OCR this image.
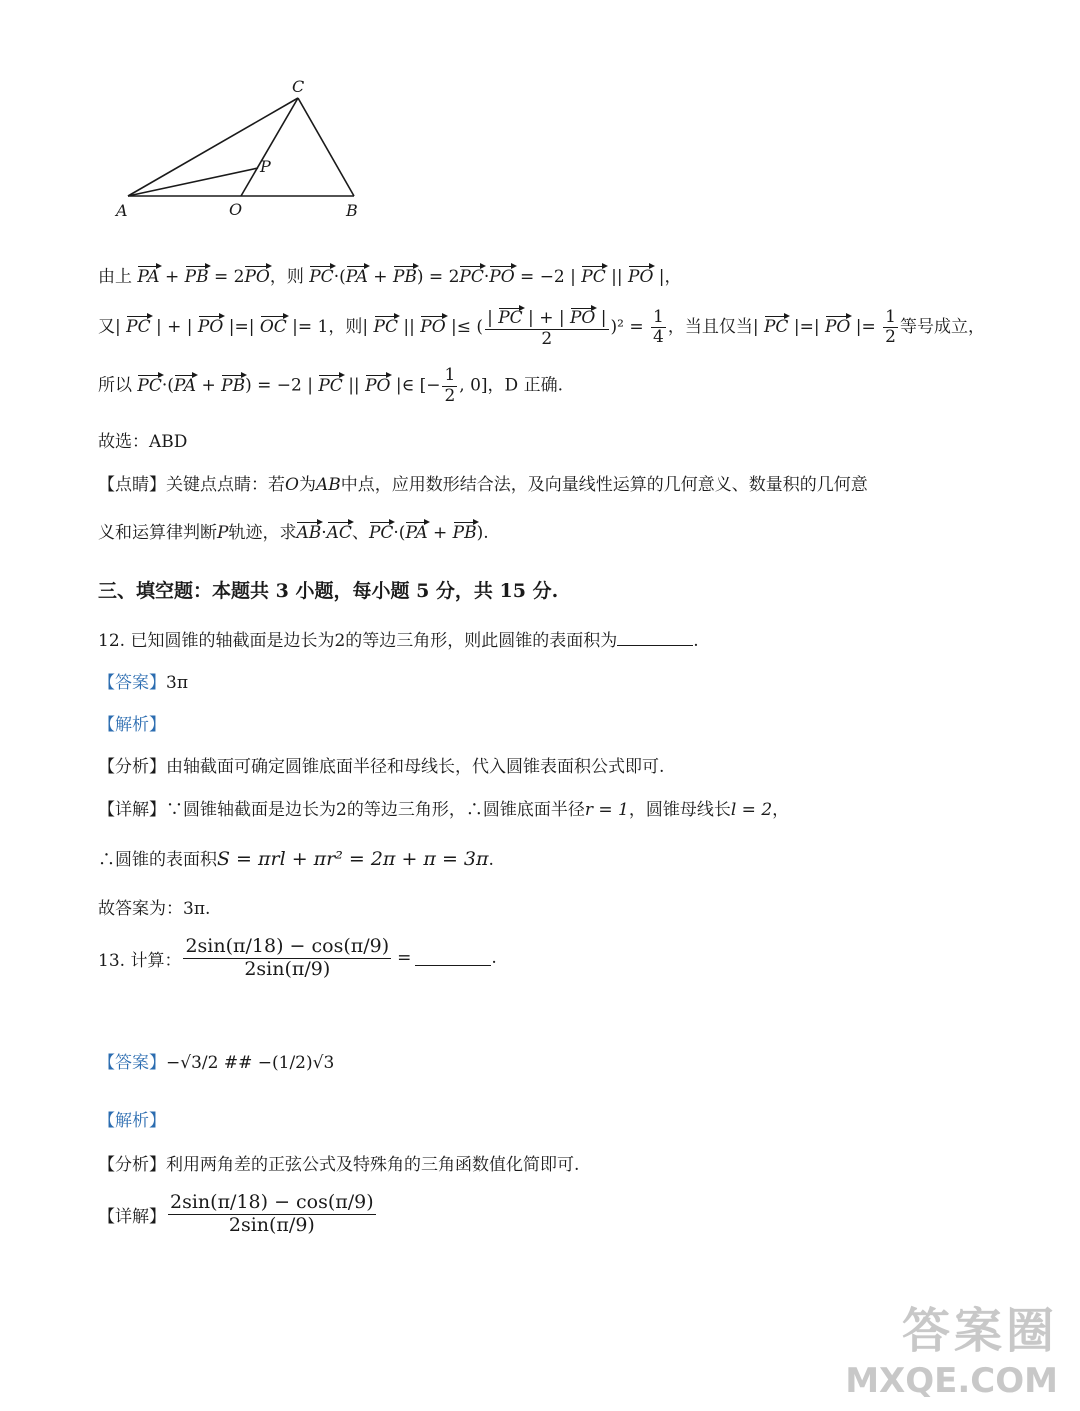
C
P
A	O	B
由上 PA + PB = 2PO，则 PC·(PA + PB) = 2PC·PO = −2 | PC || PO |，
又| PC | + | PO |=| OC |= 1，则| PC || PO |≤ ( $\frac{| PC | + | PO |}{2} )^2 = \frac{1}{4}$ ，当且仅当| PC |=| PO |= $\frac{1}{2}$ 等号成立，
所以 PC·(PA + PB) = −2 | PC || PO |∈ [− $\frac{1}{2}$ , 0]，D 正确.
故选：ABD
【点睛】关键点点睛：若O为AB中点，应用数形结合法，及向量线性运算的几何意义、数量积的几何意
义和运算律判断P轨迹，求AB·AC、PC·(PA + PB).
三、填空题：本题共 3 小题，每小题 5 分，共 15 分.
12. 已知圆锥的轴截面是边长为2的等边三角形，则此圆锥的表面积为	.
【答案】3π
【解析】
【分析】由轴截面可确定圆锥底面半径和母线长，代入圆锥表面积公式即可.
【详解】∵圆锥轴截面是边长为2的等边三角形，∴圆锥底面半径r = 1，圆锥母线长l = 2，
∴圆锥的表面积S = πrl + πr² = 2π + π = 3π.
故答案为：3π.
13. 计算： $\frac{2\sin(\pi/18) - \cos(\pi/9)}{2\sin(\pi/9)}$ =	.
【答案】−√3/2 ## −(1/2)√3
【解析】
【分析】利用两角差的正弦公式及特殊角的三角函数值化简即可.
【详解】 $\frac{2\sin(\pi/18) - \cos(\pi/9)}{2\sin(\pi/9)}$
答案圈
MXQE.COM
